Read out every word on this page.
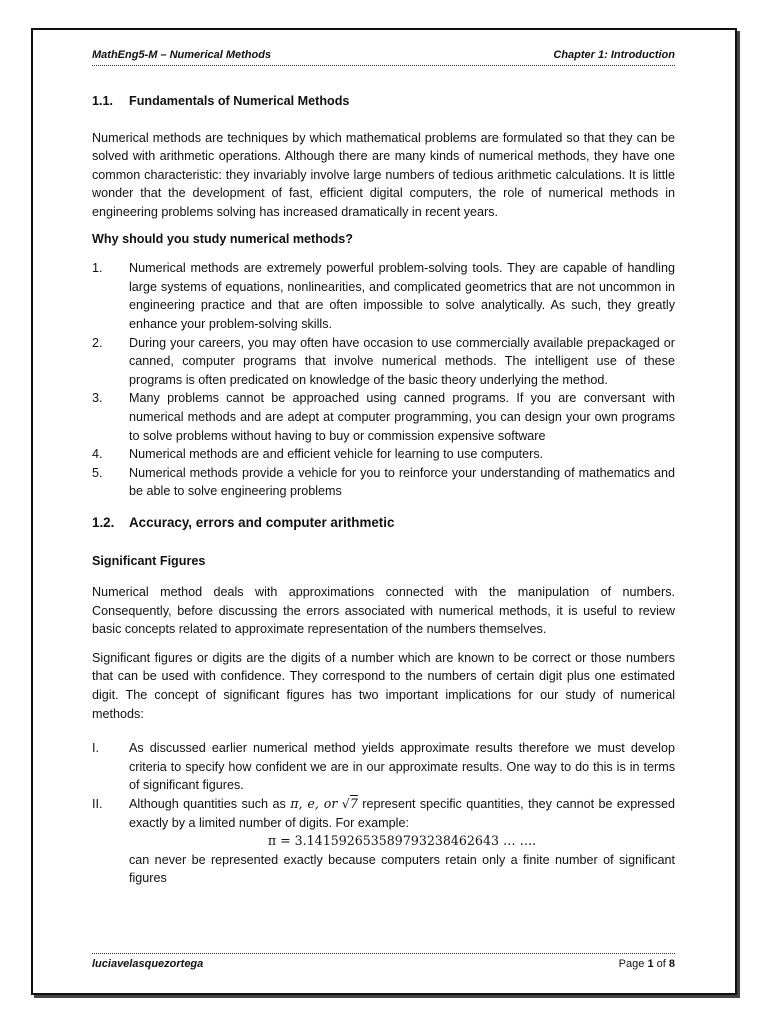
MathEng5-M – Numerical Methods	Chapter 1: Introduction
1.1. Fundamentals of Numerical Methods

Numerical methods are techniques by which mathematical problems are formulated so that they can be solved with arithmetic operations. Although there are many kinds of numerical methods, they have one common characteristic: they invariably involve large numbers of tedious arithmetic calculations. It is little wonder that the development of fast, efficient digital computers, the role of numerical methods in engineering problems solving has increased dramatically in recent years.

Why should you study numerical methods?
1. Numerical methods are extremely powerful problem-solving tools. They are capable of handling large systems of equations, nonlinearities, and complicated geometrics that are not uncommon in engineering practice and that are often impossible to solve analytically. As such, they greatly enhance your problem-solving skills.
2. During your careers, you may often have occasion to use commercially available prepackaged or canned, computer programs that involve numerical methods. The intelligent use of these programs is often predicated on knowledge of the basic theory underlying the method.
3. Many problems cannot be approached using canned programs. If you are conversant with numerical methods and are adept at computer programming, you can design your own programs to solve problems without having to buy or commission expensive software
4. Numerical methods are and efficient vehicle for learning to use computers.
5. Numerical methods provide a vehicle for you to reinforce your understanding of mathematics and be able to solve engineering problems
1.2. Accuracy, errors and computer arithmetic
Significant Figures

Numerical method deals with approximations connected with the manipulation of numbers. Consequently, before discussing the errors associated with numerical methods, it is useful to review basic concepts related to approximate representation of the numbers themselves.

Significant figures or digits are the digits of a number which are known to be correct or those numbers that can be used with confidence. They correspond to the numbers of certain digit plus one estimated digit. The concept of significant figures has two important implications for our study of numerical methods:

I. As discussed earlier numerical method yields approximate results therefore we must develop criteria to specify how confident we are in our approximate results. One way to do this is in terms of significant figures.
II. Although quantities such as π, e, or √7 represent specific quantities, they cannot be expressed exactly by a limited number of digits. For example:
π = 3.141592653589793238462643 … ….
can never be represented exactly because computers retain only a finite number of significant figures
luciavelasquezortega	Page 1 of 8
